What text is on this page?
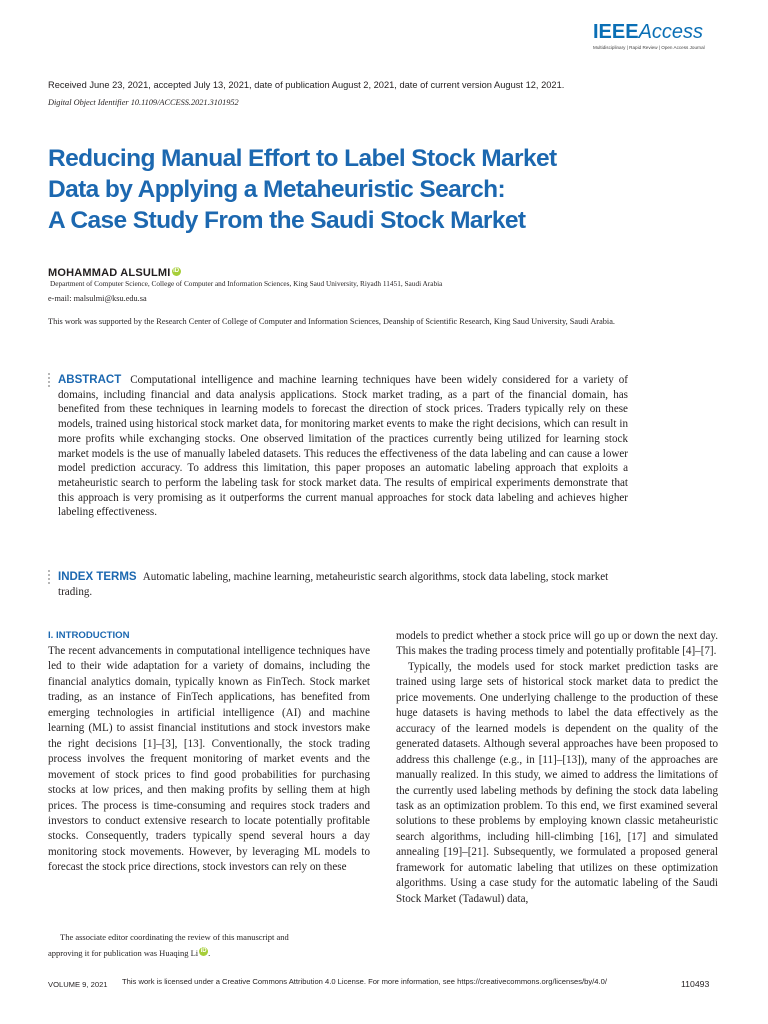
IEEEAccess
Multidisciplinary | Rapid Review | Open Access Journal
Received June 23, 2021, accepted July 13, 2021, date of publication August 2, 2021, date of current version August 12, 2021.
Digital Object Identifier 10.1109/ACCESS.2021.3101952
Reducing Manual Effort to Label Stock Market
Data by Applying a Metaheuristic Search:
A Case Study From the Saudi Stock Market
MOHAMMAD ALSULMI iD
Department of Computer Science, College of Computer and Information Sciences, King Saud University, Riyadh 11451, Saudi Arabia
e-mail: malsulmi@ksu.edu.sa
This work was supported by the Research Center of College of Computer and Information Sciences, Deanship of Scientific Research, King Saud University, Saudi Arabia.
ABSTRACT Computational intelligence and machine learning techniques have been widely considered for a variety of domains, including financial and data analysis applications. Stock market trading, as a part of the financial domain, has benefited from these techniques in learning models to forecast the direction of stock prices. Traders typically rely on these models, trained using historical stock market data, for monitoring market events to make the right decisions, which can result in more profits while exchanging stocks. One observed limitation of the practices currently being utilized for learning stock market models is the use of manually labeled datasets. This reduces the effectiveness of the data labeling and can cause a lower model prediction accuracy. To address this limitation, this paper proposes an automatic labeling approach that exploits a metaheuristic search to perform the labeling task for stock market data. The results of empirical experiments demonstrate that this approach is very promising as it outperforms the current manual approaches for stock data labeling and achieves higher labeling effectiveness.
INDEX TERMS Automatic labeling, machine learning, metaheuristic search algorithms, stock data labeling, stock market trading.
I. INTRODUCTION

The recent advancements in computational intelligence techniques have led to their wide adaptation for a variety of domains, including the financial analytics domain, typically known as FinTech. Stock market trading, as an instance of FinTech applications, has benefited from emerging technologies in artificial intelligence (AI) and machine learning (ML) to assist financial institutions and stock investors make the right decisions [1]–[3], [13]. Conventionally, the stock trading process involves the frequent monitoring of market events and the movement of stock prices to find good probabilities for purchasing stocks at low prices, and then making profits by selling them at high prices. The process is time-consuming and requires stock traders and investors to conduct extensive research to locate potentially profitable stocks. Consequently, traders typically spend several hours a day monitoring stock movements. However, by leveraging ML models to forecast the stock price directions, stock investors can rely on these

models to predict whether a stock price will go up or down the next day. This makes the trading process timely and potentially profitable [4]–[7].

Typically, the models used for stock market prediction tasks are trained using large sets of historical stock market data to predict the price movements. One underlying challenge to the production of these huge datasets is having methods to label the data effectively as the accuracy of the learned models is dependent on the quality of the generated datasets. Although several approaches have been proposed to address this challenge (e.g., in [11]–[13]), many of the approaches are manually realized. In this study, we aimed to address the limitations of the currently used labeling methods by defining the stock data labeling task as an optimization problem. To this end, we first examined several solutions to these problems by employing known classic metaheuristic search algorithms, including hill-climbing [16], [17] and simulated annealing [19]–[21]. Subsequently, we formulated a proposed general framework for automatic labeling that utilizes on these optimization algorithms. Using a case study for the automatic labeling of the Saudi Stock Market (Tadawul) data,

The associate editor coordinating the review of this manuscript and
approving it for publication was Huaqing Li iD .
VOLUME 9, 2021 This work is licensed under a Creative Commons Attribution 4.0 License. For more information, see https://creativecommons.org/licenses/by/4.0/	110493
